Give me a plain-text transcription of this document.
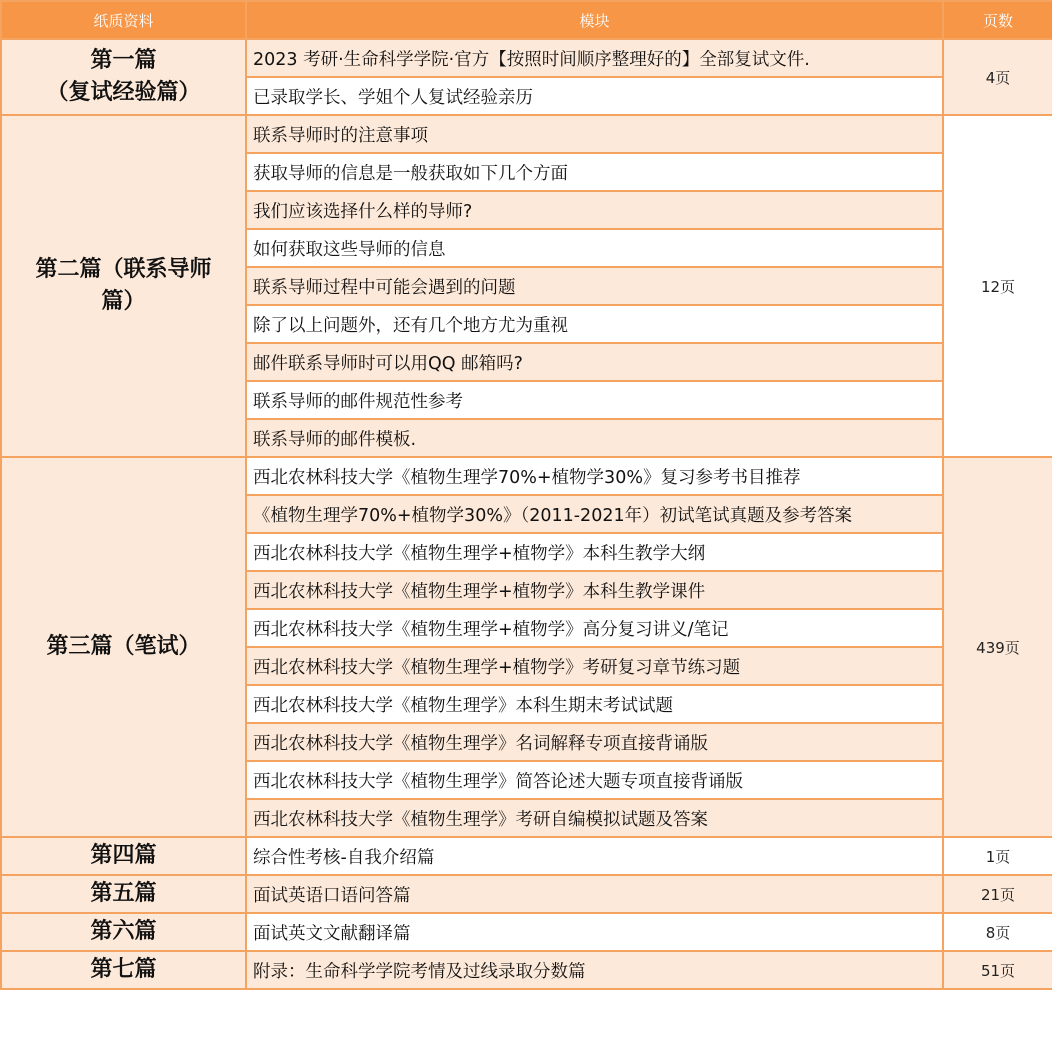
纸质资料	模块	页数

第一篇
（复试经验篇）	2023 考研·生命科学学院·官方【按照时间顺序整理好的】全部复试文件.	4页
	已录取学长、学姐个人复试经验亲历	

第二篇（联系导师
篇）	联系导师时的注意事项	12页
	获取导师的信息是一般获取如下几个方面	
	我们应该选择什么样的导师?	
	如何获取这些导师的信息	
	联系导师过程中可能会遇到的问题	
	除了以上问题外，还有几个地方尤为重视	
	邮件联系导师时可以用QQ 邮箱吗?	
	联系导师的邮件规范性参考	
	联系导师的邮件模板.	

第三篇（笔试）	西北农林科技大学《植物生理学70%+植物学30%》复习参考书目推荐	439页
	《植物生理学70%+植物学30%》（2011-2021年）初试笔试真题及参考答案	
	西北农林科技大学《植物生理学+植物学》本科生教学大纲	
	西北农林科技大学《植物生理学+植物学》本科生教学课件	
	西北农林科技大学《植物生理学+植物学》高分复习讲义/笔记	
	西北农林科技大学《植物生理学+植物学》考研复习章节练习题	
	西北农林科技大学《植物生理学》本科生期末考试试题	
	西北农林科技大学《植物生理学》名词解释专项直接背诵版	
	西北农林科技大学《植物生理学》简答论述大题专项直接背诵版	
	西北农林科技大学《植物生理学》考研自编模拟试题及答案	

第四篇	综合性考核-自我介绍篇	1页

第五篇	面试英语口语问答篇	21页

第六篇	面试英文文献翻译篇	8页

第七篇	附录：生命科学学院考情及过线录取分数篇	51页
大
